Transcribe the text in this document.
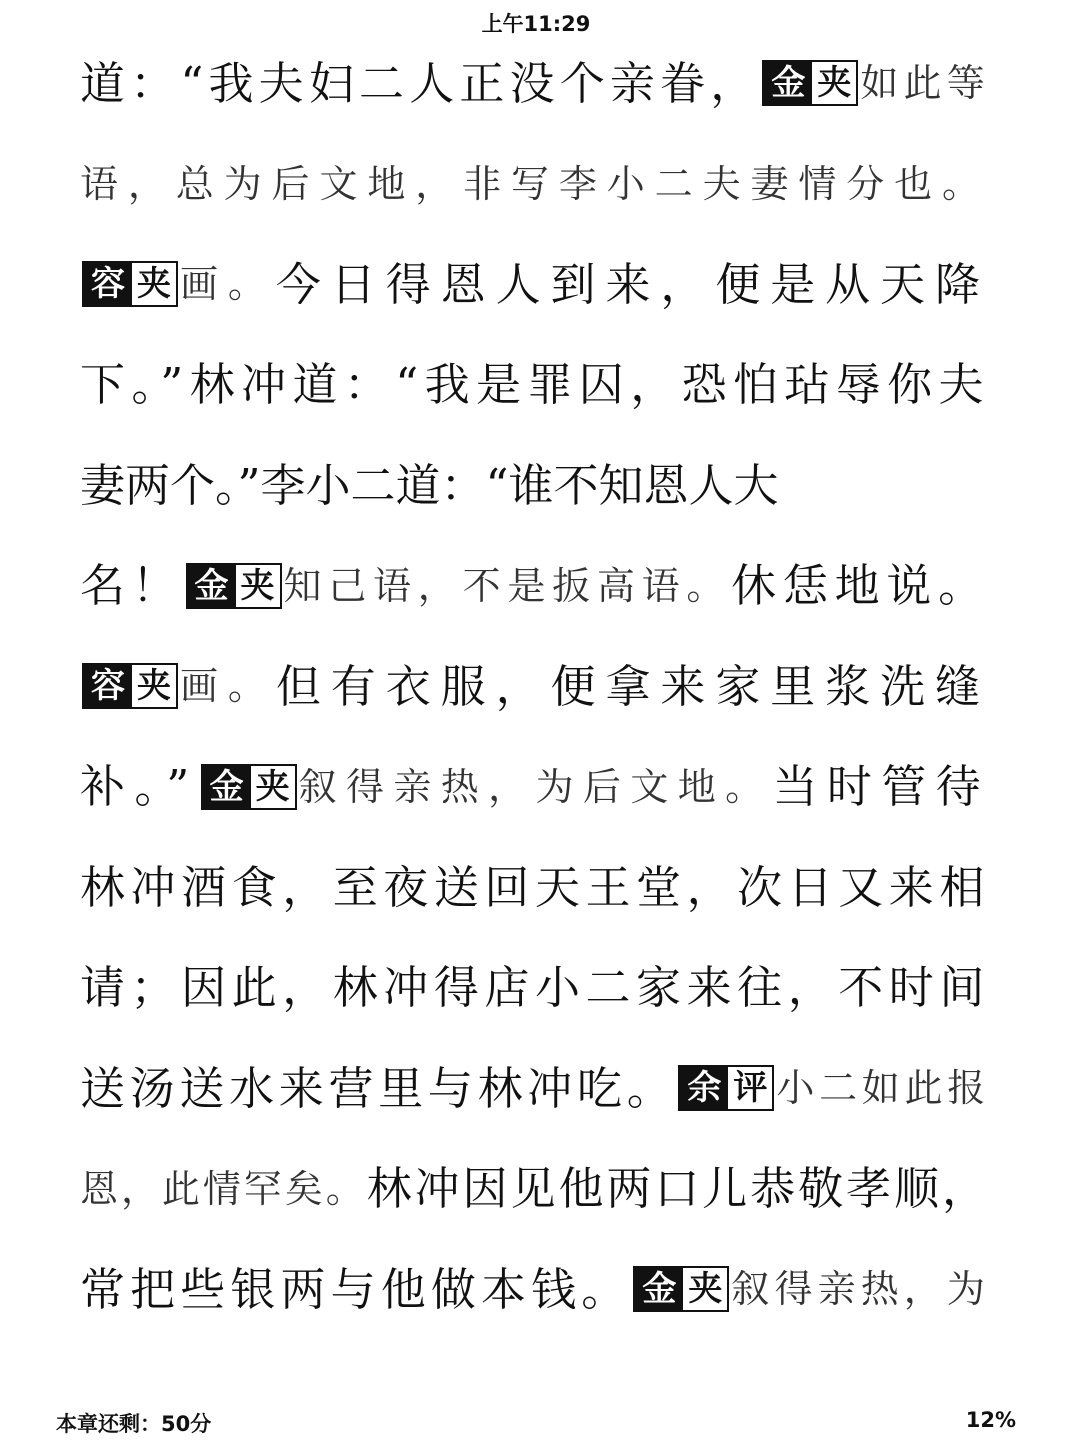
上午11:29
道：“我夫妇二人正没个亲眷， 金 夹 如此等
语，总为后文地，非写李小二夫妻情分也。
容 夹 画。 今日得恩人到来，便是从天降
下。”林冲道：“我是罪囚，恐怕玷辱你夫
妻两个。”李小二道：“谁不知恩人大
名！ 金 夹 知己语，不是扳高语。 休恁地说。
容 夹 画。 但有衣服，便拿来家里浆洗缝
补。” 金 夹 叙得亲热，为后文地。 当时管待
林冲酒食，至夜送回天王堂，次日又来相
请；因此，林冲得店小二家来往，不时间
送汤送水来营里与林冲吃。 余 评 小二如此报
恩，此情罕矣。 林冲因见他两口儿恭敬孝顺，
常把些银两与他做本钱。 金 夹 叙得亲热，为
本章还剩：50分	12%
